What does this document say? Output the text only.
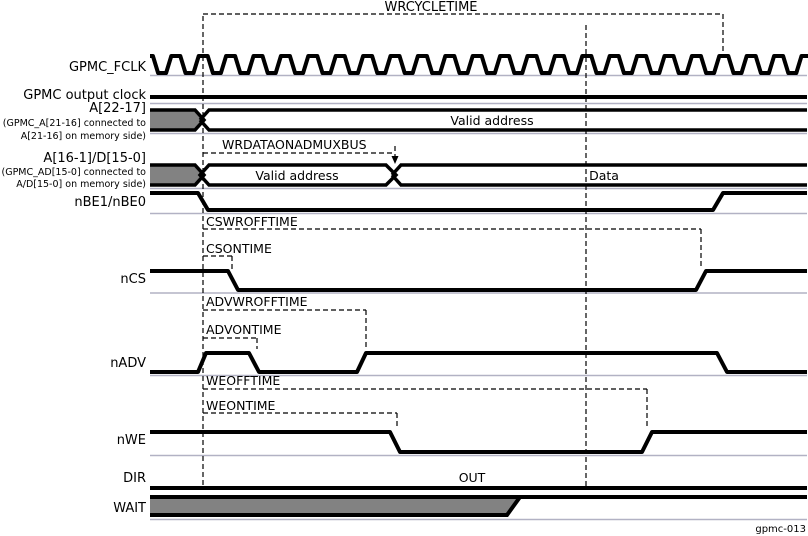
WRCYCLETIME
GPMC_FCLK
GPMC output clock
A[22-17]
(GPMC_A[21-16] connected to
A[21-16] on memory side)
A[16-1]/D[15-0]
(GPMC_AD[15-0] connected to
A/D[15-0] on memory side)
nBE1/nBE0
nCS
nADV
nWE
DIR
WAIT
Valid address
Valid address	Data
WRDATAONADMUXBUS
CSWROFFTIME
CSONTIME
ADVWROFFTIME
ADVONTIME
WEOFFTIME
WEONTIME
OUT
gpmc-013
